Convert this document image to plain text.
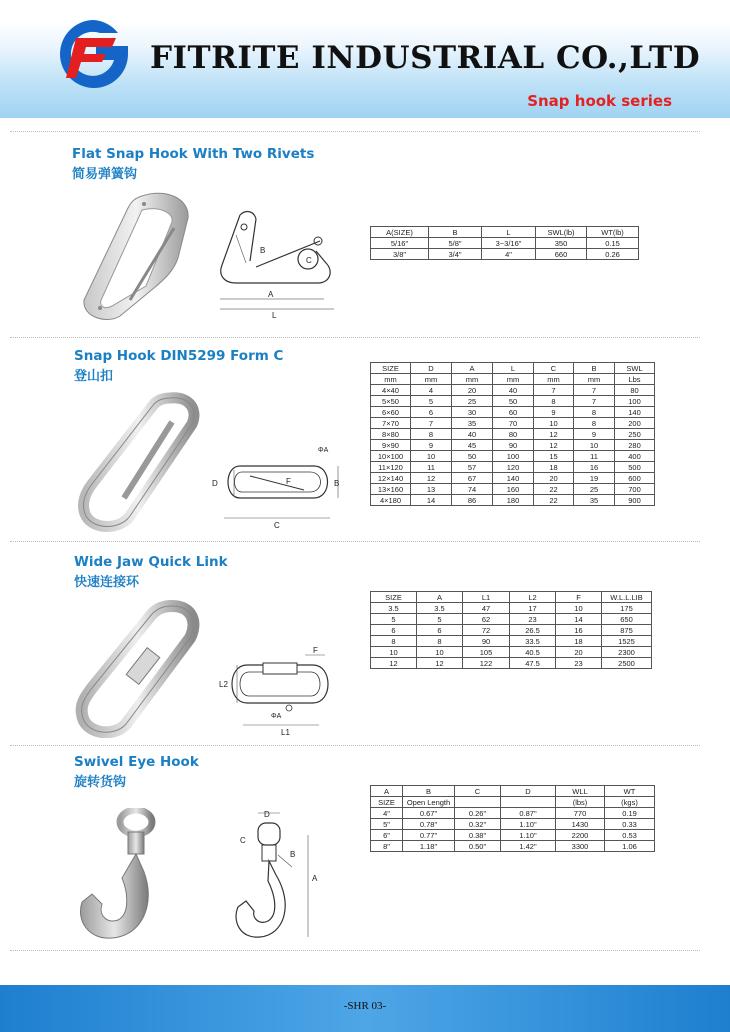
FITRITE INDUSTRIAL CO.,LTD
Snap hook series
Flat Snap Hook With Two Rivets
简易弹簧钩
B
C
A
L
A(SIZE)	B	L	SWL(lb)	WT(lb)
5/16"	5/8"	3~3/16"	350	0.15
3/8"	3/4"	4"	660	0.26
Snap Hook DIN5299 Form C
登山扣
D	F
ΦA
B
C
SIZE	D	A	L	C	B	SWL
mm	mm	mm	mm	mm	mm	Lbs
4×40	4	20	40	7	7	80
5×50	5	25	50	8	7	100
6×60	6	30	60	9	8	140
7×70	7	35	70	10	8	200
8×80	8	40	80	12	9	250
9×90	9	45	90	12	10	280
10×100	10	50	100	15	11	400
11×120	11	57	120	18	16	500
12×140	12	67	140	20	19	600
13×160	13	74	160	22	25	700
4×180	14	86	180	22	35	900
Wide Jaw Quick Link
快速连接环
F
L2
ΦA
L1
SIZE	A	L1	L2	F	W.L.L.LIB
3.5	3.5	47	17	10	175
5	5	62	23	14	650
6	6	72	26.5	16	875
8	8	90	33.5	18	1525
10	10	105	40.5	20	2300
12	12	122	47.5	23	2500
Swivel Eye Hook
旋转货钩
D
C
B
A
A	B	C	D	WLL	WT
SIZE	Open Length			(lbs)	(kgs)
4"	0.67"	0.26"	0.87"	770	0.19
5"	0.78"	0.32"	1.10"	1430	0.33
6"	0.77"	0.38"	1.10"	2200	0.53
8"	1.18"	0.50"	1.42"	3300	1.06
-SHR 03-
